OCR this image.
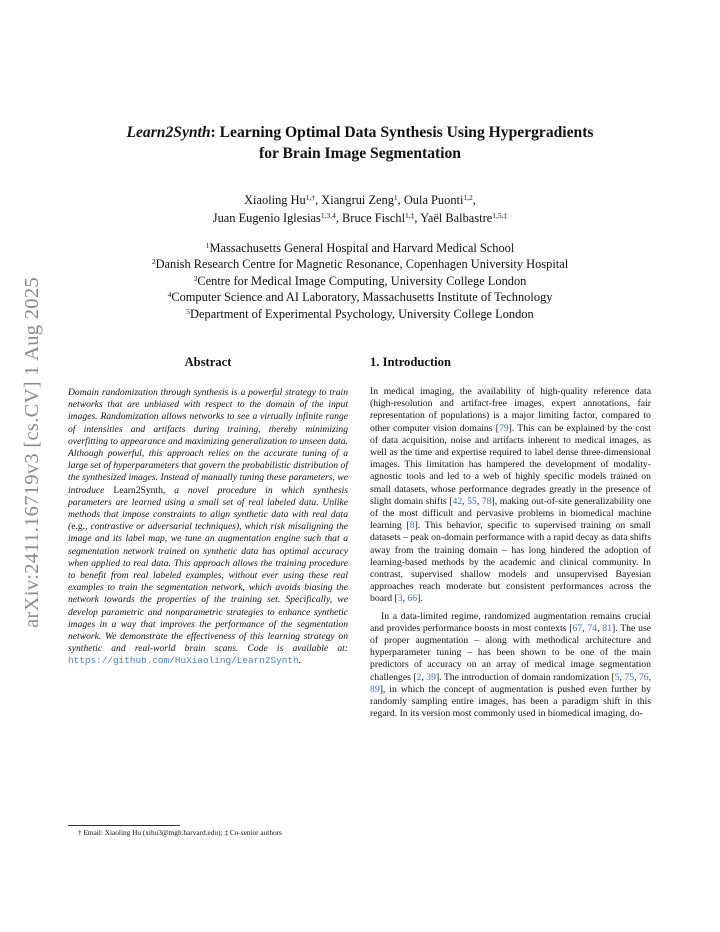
arXiv:2411.16719v3 [cs.CV] 1 Aug 2025
Learn2Synth: Learning Optimal Data Synthesis Using Hypergradients
for Brain Image Segmentation
Xiaoling $Hu^{1,\dagger}$, Xiangrui Zeng$^1$, Oula Puonti$^{1,2}$,
Juan Eugenio Iglesias$^{1,3,4}$, Bruce Fischl$^{1,\ddagger}$, Yaël Balbastre$^{1,5,\ddagger}$
$^1$Massachusetts General Hospital and Harvard Medical School
$^2$Danish Research Centre for Magnetic Resonance, Copenhagen University Hospital
$^3$Centre for Medical Image Computing, University College London
$^4$Computer Science and AI Laboratory, Massachusetts Institute of Technology
$^5$Department of Experimental Psychology, University College London
Abstract

Domain randomization through synthesis is a powerful strategy to train networks that are unbiased with respect to the domain of the input images. Randomization allows networks to see a virtually infinite range of intensities and artifacts during training, thereby minimizing overfitting to appearance and maximizing generalization to unseen data. Although powerful, this approach relies on the accurate tuning of a large set of hyperparameters that govern the probabilistic distribution of the synthesized images. Instead of manually tuning these parameters, we introduce Learn2Synth, a novel procedure in which synthesis parameters are learned using a small set of real labeled data. Unlike methods that impose constraints to align synthetic data with real data (e.g., contrastive or adversarial techniques), which risk misaligning the image and its label map, we tune an augmentation engine such that a segmentation network trained on synthetic data has optimal accuracy when applied to real data. This approach allows the training procedure to benefit from real labeled examples, without ever using these real examples to train the segmentation network, which avoids biasing the network towards the properties of the training set. Specifically, we develop parametric and nonparametric strategies to enhance synthetic images in a way that improves the performance of the segmentation network. We demonstrate the effectiveness of this learning strategy on synthetic and real-world brain scans. Code is available at: https://github.com/HuXiaoling/Learn2Synth.

1. Introduction

In medical imaging, the availability of high-quality reference data (high-resolution and artifact-free images, expert annotations, fair representation of populations) is a major limiting factor, compared to other computer vision domains [79]. This can be explained by the cost of data acquisition, noise and artifacts inherent to medical images, as well as the time and expertise required to label dense three-dimensional images. This limitation has hampered the development of modality-agnostic tools and led to a web of highly specific models trained on small datasets, whose performance degrades greatly in the presence of slight domain shifts [42, 55, 78], making out-of-site generalizability one of the most difficult and pervasive problems in biomedical machine learning [8]. This behavior, specific to supervised training on small datasets – peak on-domain performance with a rapid decay as data shifts away from the training domain – has long hindered the adoption of learning-based methods by the academic and clinical community. In contrast, supervised shallow models and unsupervised Bayesian approaches reach moderate but consistent performances across the board [3, 66].

In a data-limited regime, randomized augmentation remains crucial and provides performance boosts in most contexts [67, 74, 81]. The use of proper augmentation – along with methodical architecture and hyperparameter tuning – has been shown to be one of the main predictors of accuracy on an array of medical image segmentation challenges [2, 39]. The introduction of domain randomization [5, 75, 76, 89], in which the concept of augmentation is pushed even further by randomly sampling entire images, has been a paradigm shift in this regard. In its version most commonly used in biomedical imaging, do-

† Email: Xiaoling Hu (xihu3@mgh.harvard.edu); ‡ Co-senior authors
